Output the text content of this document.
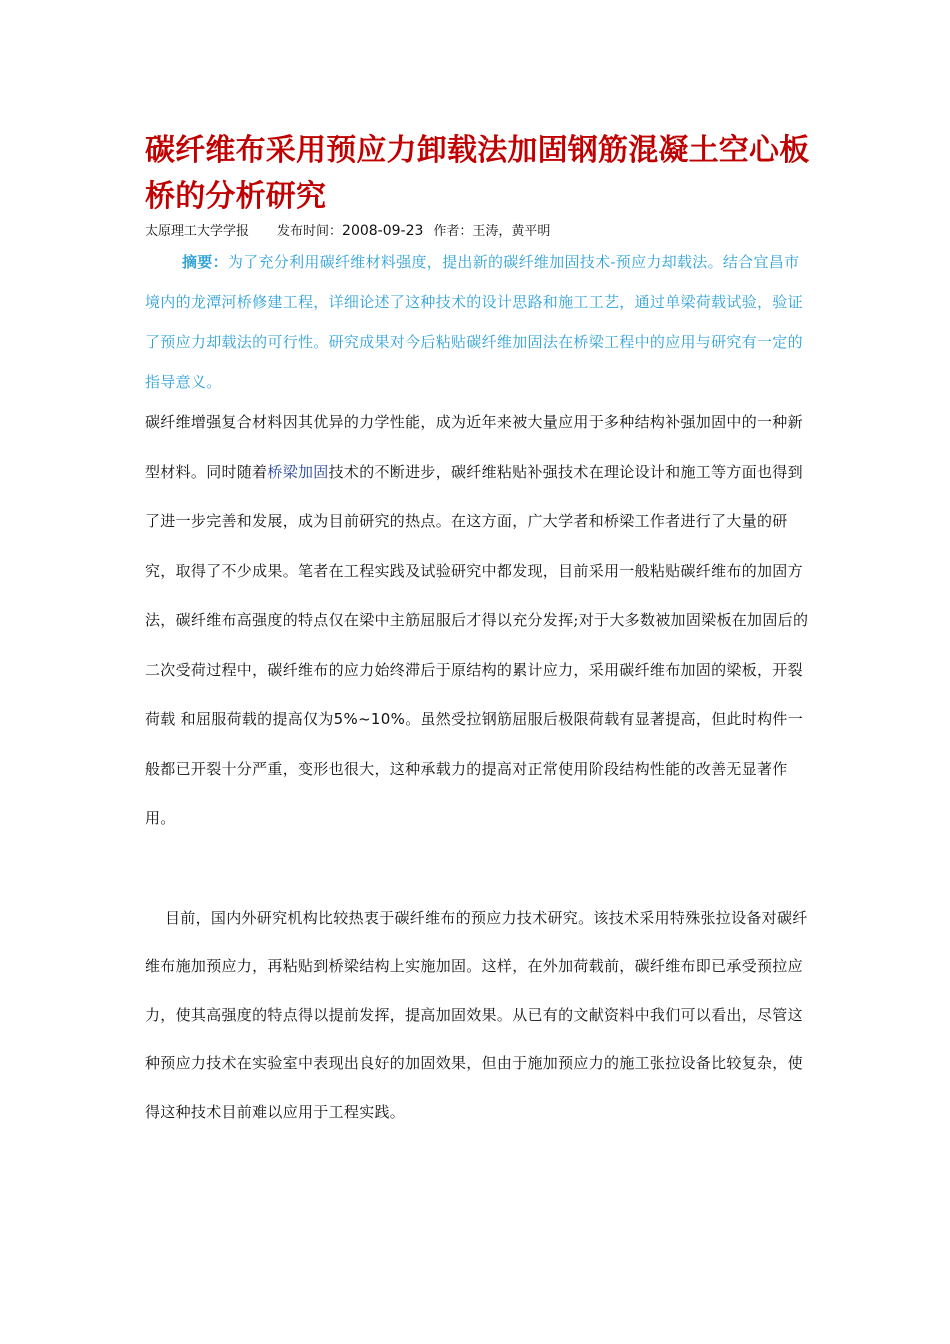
碳纤维布采用预应力卸载法加固钢筋混凝土空心板桥的分析研究
太原理工大学学报 发布时间：2008-09-23 作者：王涛，黄平明

摘要：为了充分利用碳纤维材料强度，提出新的碳纤维加固技术-预应力却载法。结合宜昌市境内的龙潭河桥修建工程，详细论述了这种技术的设计思路和施工工艺，通过单梁荷载试验，验证了预应力却载法的可行性。研究成果对今后粘贴碳纤维加固法在桥梁工程中的应用与研究有一定的指导意义。

碳纤维增强复合材料因其优异的力学性能，成为近年来被大量应用于多种结构补强加固中的一种新型材料。同时随着桥梁加固技术的不断进步，碳纤维粘贴补强技术在理论设计和施工等方面也得到了进一步完善和发展，成为目前研究的热点。在这方面，广大学者和桥梁工作者进行了大量的研究，取得了不少成果。笔者在工程实践及试验研究中都发现，目前采用一般粘贴碳纤维布的加固方法，碳纤维布高强度的特点仅在梁中主筋屈服后才得以充分发挥;对于大多数被加固梁板在加固后的二次受荷过程中，碳纤维布的应力始终滞后于原结构的累计应力，采用碳纤维布加固的梁板，开裂荷载 和屈服荷载的提高仅为5%~10%。虽然受拉钢筋屈服后极限荷载有显著提高，但此时构件一般都已开裂十分严重，变形也很大，这种承载力的提高对正常使用阶段结构性能的改善无显著作用。

目前，国内外研究机构比较热衷于碳纤维布的预应力技术研究。该技术采用特殊张拉设备对碳纤维布施加预应力，再粘贴到桥梁结构上实施加固。这样，在外加荷载前，碳纤维布即已承受预拉应力，使其高强度的特点得以提前发挥，提高加固效果。从已有的文献资料中我们可以看出，尽管这种预应力技术在实验室中表现出良好的加固效果，但由于施加预应力的施工张拉设备比较复杂，使得这种技术目前难以应用于工程实践。
